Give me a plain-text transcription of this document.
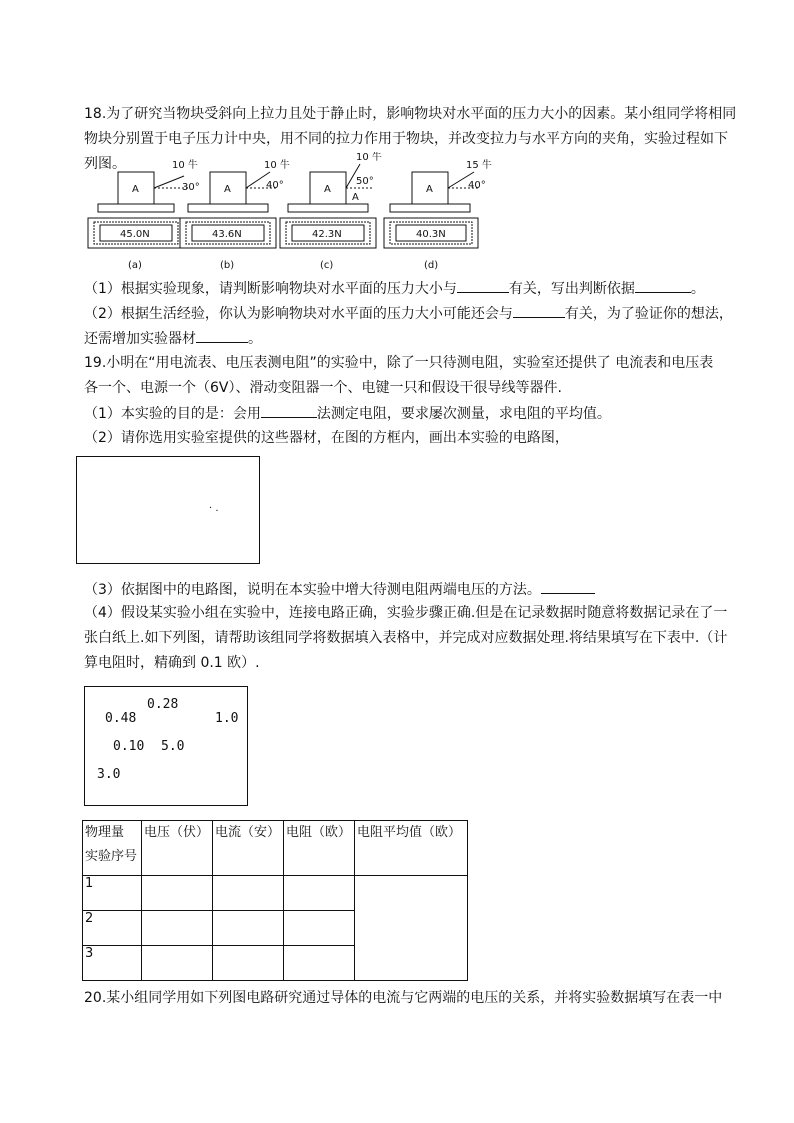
18.为了研究当物块受斜向上拉力且处于静止时，影响物块对水平面的压力大小的因素。某小组同学将相同
物块分别置于电子压力计中央，用不同的拉力作用于物块，并改变拉力与水平方向的夹角，实验过程如下
列图。	10 牛
A	30°
45.0N
(a)
10 牛
A	40°
43.6N
(b)
10 牛
A
50°
A
42.3N
(c)
15 牛
A	40°
40.3N
(d)
（1）根据实验现象，请判断影响物块对水平面的压力大小与	有关，写出判断依据	。
（2）根据生活经验，你认为影响物块对水平面的压力大小可能还会与	有关，为了验证你的想法，
还需增加实验器材	。
19.小明在“用电流表、电压表测电阻”的实验中，除了一只待测电阻，实验室还提供了 电流表和电压表
各一个、电源一个（6V）、滑动变阻器一个、电键一只和假设干很导线等器件.
（1）本实验的目的是：会用	法测定电阻，要求屡次测量，求电阻的平均值。
（2）请你选用实验室提供的这些器材，在图的方框内，画出本实验的电路图，
· .
（3）依据图中的电路图，说明在本实验中增大待测电阻两端电压的方法。
（4）假设某实验小组在实验中，连接电路正确，实验步骤正确.但是在记录数据时随意将数据记录在了一
张白纸上.如下列图，请帮助该组同学将数据填入表格中，并完成对应数据处理.将结果填写在下表中.（计
算电阻时，精确到 0.1 欧）.
0.28
0.48	1.0
0.10 5.0
3.0
物理量
实验序号	电压（伏）	电流（安）	电阻（欧）	电阻平均值（欧）
1				
2				
3				
20.某小组同学用如下列图电路研究通过导体的电流与它两端的电压的关系，并将实验数据填写在表一中
